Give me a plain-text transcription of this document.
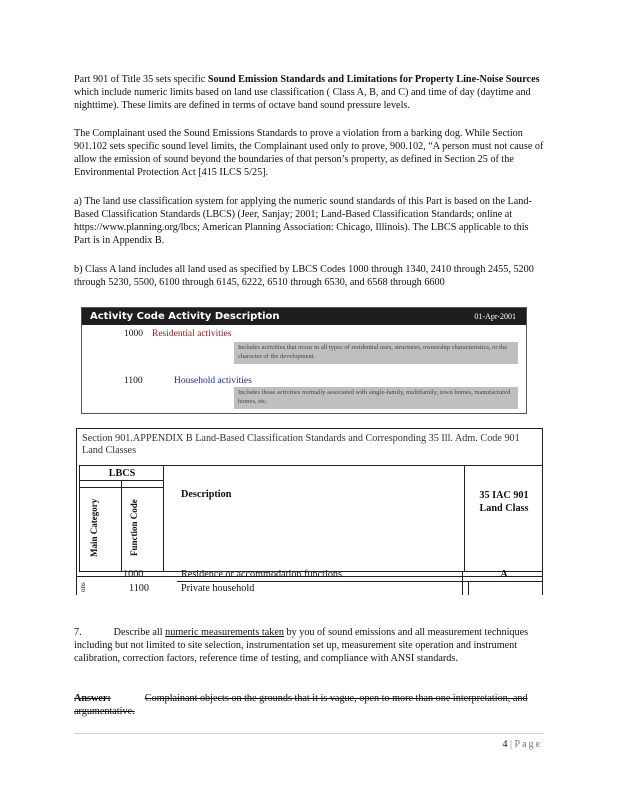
Part 901 of Title 35 sets specific Sound Emission Standards and Limitations for Property Line-Noise Sources which include numeric limits based on land use classification ( Class A, B, and C) and time of day (daytime and nighttime). These limits are defined in terms of octave band sound pressure levels.

The Complainant used the Sound Emissions Standards to prove a violation from a barking dog. While Section 901.102 sets specific sound level limits, the Complainant used only to prove, 900.102, “A person must not cause of allow the emission of sound beyond the boundaries of that person’s property, as defined in Section 25 of the Environmental Protection Act [415 ILCS 5/25].

a) The land use classification system for applying the numeric sound standards of this Part is based on the Land-Based Classification Standards (LBCS) (Jeer, Sanjay; 2001; Land-Based Classification Standards; online at https://www.planning.org/lbcs; American Planning Association: Chicago, Illinois). The LBCS applicable to this Part is in Appendix B.

b) Class A land includes all land used as specified by LBCS Codes 1000 through 1340, 2410 through 2455, 5200 through 5230, 5500, 6100 through 6145, 6222, 6510 through 6530, and 6568 through 6600

Activity Code Activity Description	01-Apr-2001
1000 Residential activities
Includes activities that occur in all types of residential uses, structures, ownership characteristics, or the character of the development.
1100	Household activities
Includes those activities normally associated with single-family, multifamily, town homes, manufactured homes, etc.
Section 901.APPENDIX B Land-Based Classification Standards and Corresponding 35 Ill. Adm. Code 901 Land Classes
LBCS
Main Category	Function Code
Description	35 IAC 901 Land Class
ons
1000	Residence or accommodation functions	A
1100	Private household

7.	Describe all numeric measurements taken by you of sound emissions and all measurement techniques including but not limited to site selection, instrumentation set up, measurement site operation and instrument calibration, correction factors, reference time of testing, and compliance with ANSI standards.

Answer:	Complainant objects on the grounds that it is vague, open to more than one interpretation, and argumentative.

4 | Page
